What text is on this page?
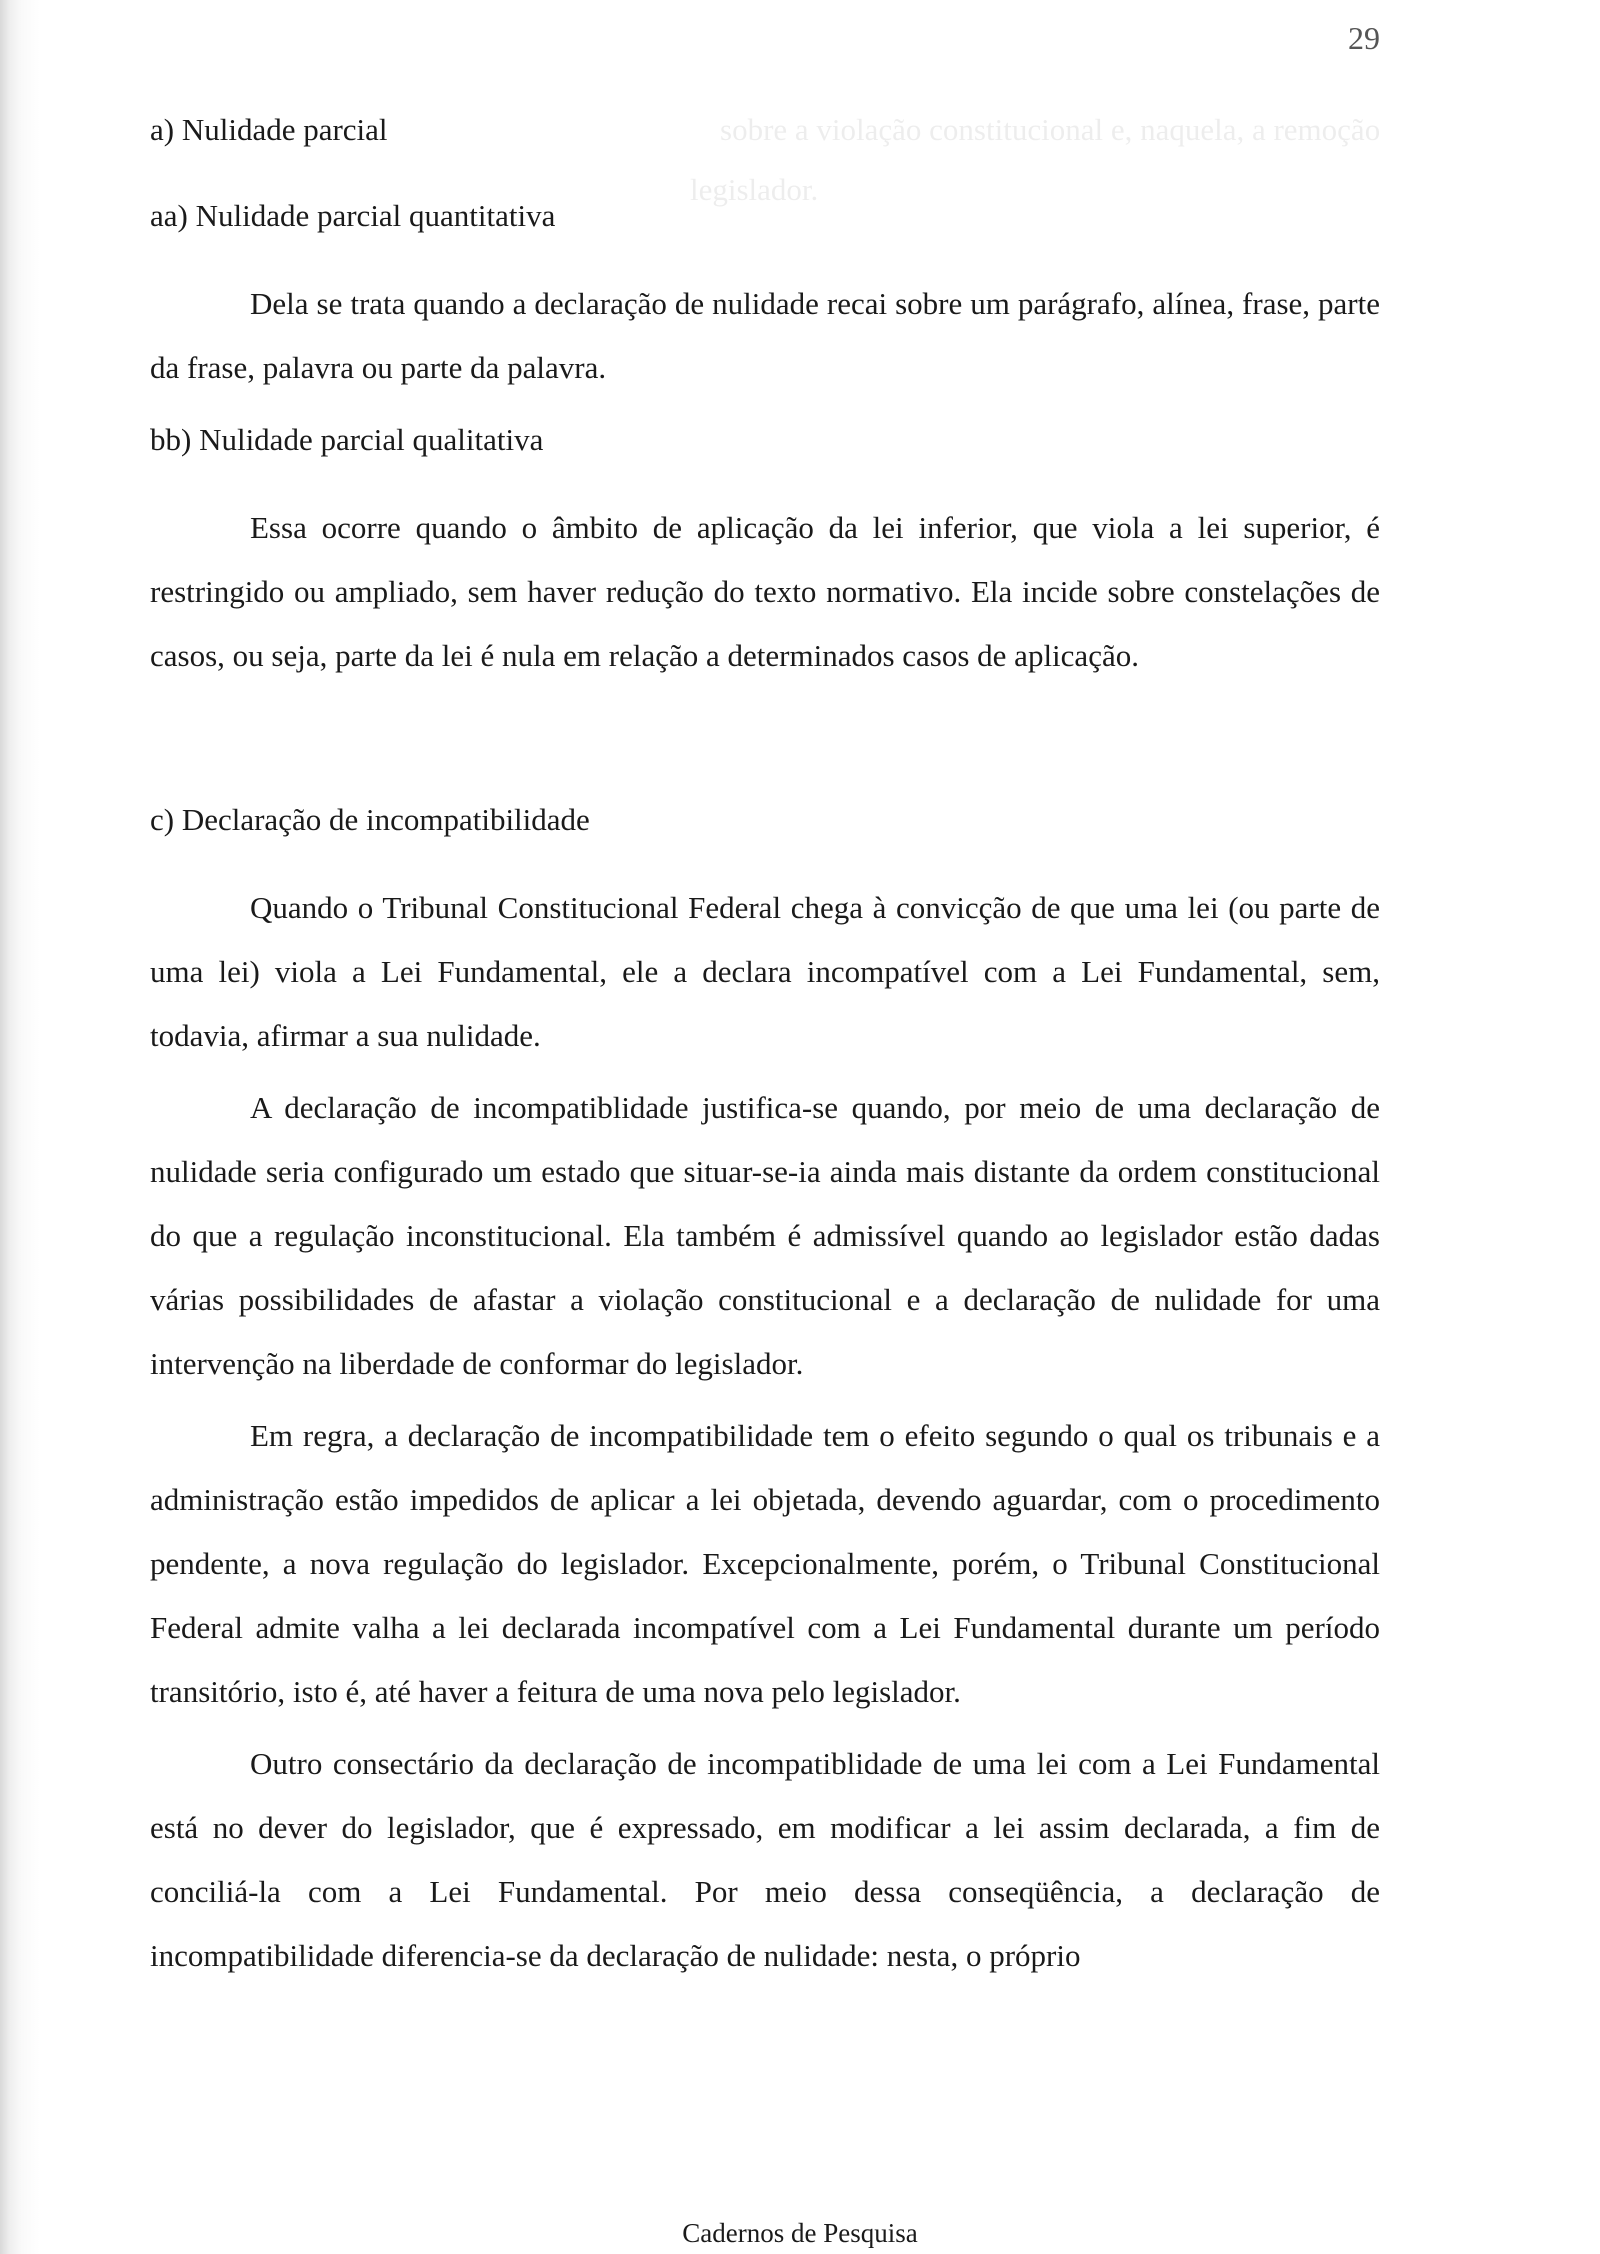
sobre a violação constitucional e, naquela, a remoção
legislador.
29

a) Nulidade parcial

aa) Nulidade parcial quantitativa

Dela se trata quando a declaração de nulidade recai sobre um parágrafo, alínea, frase, parte da frase, palavra ou parte da palavra.

bb) Nulidade parcial qualitativa

Essa ocorre quando o âmbito de aplicação da lei inferior, que viola a lei superior, é restringido ou ampliado, sem haver redução do texto normativo. Ela incide sobre constelações de casos, ou seja, parte da lei é nula em relação a determinados casos de aplicação.

c) Declaração de incompatibilidade

Quando o Tribunal Constitucional Federal chega à convicção de que uma lei (ou parte de uma lei) viola a Lei Fundamental, ele a declara incompatível com a Lei Fundamental, sem, todavia, afirmar a sua nulidade.

A declaração de incompatiblidade justifica-se quando, por meio de uma declaração de nulidade seria configurado um estado que situar-se-ia ainda mais distante da ordem constitucional do que a regulação inconstitucional. Ela também é admissível quando ao legislador estão dadas várias possibilidades de afastar a violação constitucional e a declaração de nulidade for uma intervenção na liberdade de conformar do legislador.

Em regra, a declaração de incompatibilidade tem o efeito segundo o qual os tribunais e a administração estão impedidos de aplicar a lei objetada, devendo aguardar, com o procedimento pendente, a nova regulação do legislador. Excepcionalmente, porém, o Tribunal Constitucional Federal admite valha a lei declarada incompatível com a Lei Fundamental durante um período transitório, isto é, até haver a feitura de uma nova pelo legislador.

Outro consectário da declaração de incompatiblidade de uma lei com a Lei Fundamental está no dever do legislador, que é expressado, em modificar a lei assim declarada, a fim de conciliá-la com a Lei Fundamental. Por meio dessa conseqüência, a declaração de incompatibilidade diferencia-se da declaração de nulidade: nesta, o próprio

Cadernos de Pesquisa
